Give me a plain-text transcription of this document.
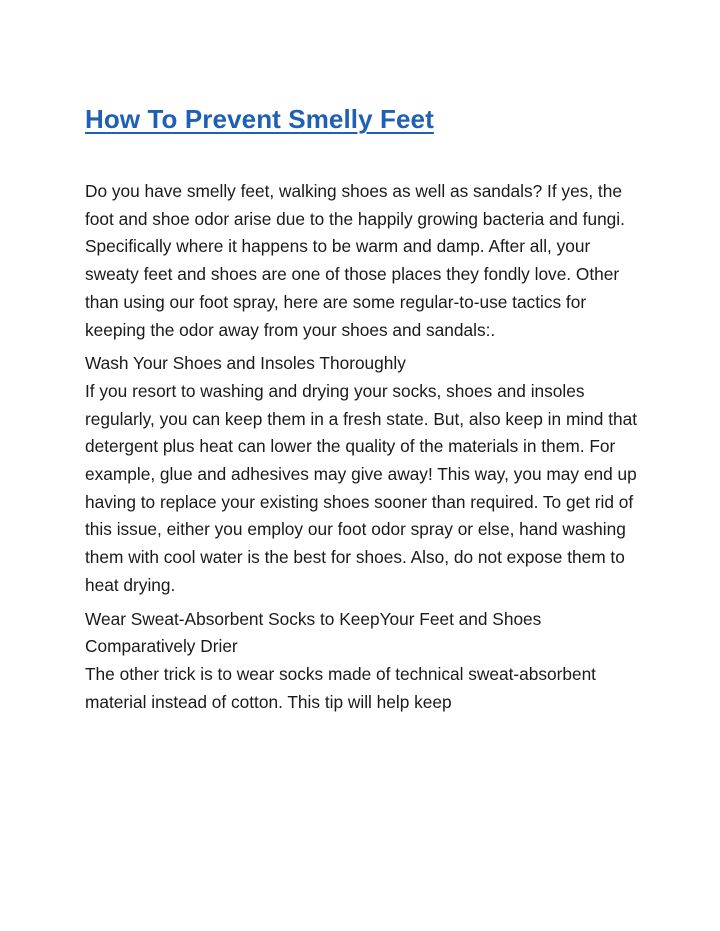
How To Prevent Smelly Feet

Do you have smelly feet, walking shoes as well as sandals? If yes, the foot and shoe odor arise due to the happily growing bacteria and fungi. Specifically where it happens to be warm and damp. After all, your sweaty feet and shoes are one of those places they fondly love. Other than using our foot spray, here are some regular-to-use tactics for keeping the odor away from your shoes and sandals:.

Wash Your Shoes and Insoles Thoroughly
If you resort to washing and drying your socks, shoes and insoles regularly, you can keep them in a fresh state. But, also keep in mind that detergent plus heat can lower the quality of the materials in them. For example, glue and adhesives may give away! This way, you may end up having to replace your existing shoes sooner than required. To get rid of this issue, either you employ our foot odor spray or else, hand washing them with cool water is the best for shoes. Also, do not expose them to heat drying.

Wear Sweat-Absorbent Socks to KeepYour Feet and Shoes Comparatively Drier
The other trick is to wear socks made of technical sweat-absorbent material instead of cotton. This tip will help keep
